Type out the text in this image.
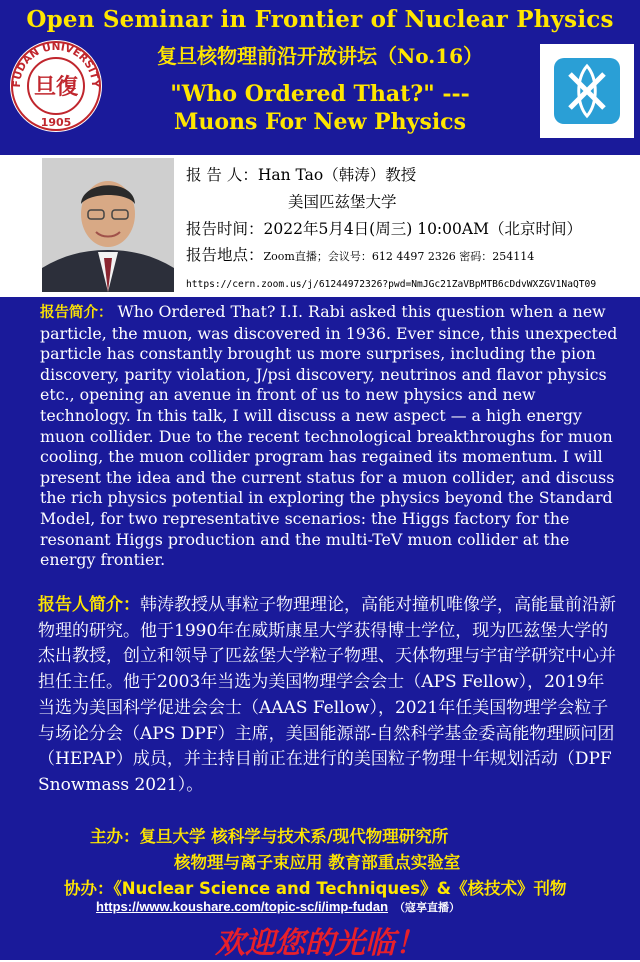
FUDAN UNIVERSITY
1905
旦復
Open Seminar in Frontier of Nuclear Physics
复旦核物理前沿开放讲坛（No.16）
"Who Ordered That?" ---
Muons For New Physics
报 告 人：Han Tao（韩涛）教授
美国匹兹堡大学
报告时间：2022年5月4日(周三) 10:00AM（北京时间）
报告地点：Zoom直播；会议号：612 4497 2326 密码：254114
https://cern.zoom.us/j/61244972326?pwd=NmJGc21ZaVBpMTB6cDdvWXZGV1NaQT09
报告简介： Who Ordered That? I.I. Rabi asked this question when a new particle, the muon, was discovered in 1936. Ever since, this unexpected particle has constantly brought us more surprises, including the pion discovery, parity violation, J/psi discovery, neutrinos and flavor physics etc., opening an avenue in front of us to new physics and new technology. In this talk, I will discuss a new aspect — a high energy muon collider. Due to the recent technological breakthroughs for muon cooling, the muon collider program has regained its momentum. I will present the idea and the current status for a muon collider, and discuss the rich physics potential in exploring the physics beyond the Standard Model, for two representative scenarios: the Higgs factory for the resonant Higgs production and the multi-TeV muon collider at the energy frontier.
报告人简介：韩涛教授从事粒子物理理论，高能对撞机唯像学，高能量前沿新物理的研究。他于1990年在威斯康星大学获得博士学位，现为匹兹堡大学的杰出教授，创立和领导了匹兹堡大学粒子物理、天体物理与宇宙学研究中心并担任主任。他于2003年当选为美国物理学会会士（APS Fellow），2019年当选为美国科学促进会会士（AAAS Fellow），2021年任美国物理学会粒子与场论分会（APS DPF）主席，美国能源部-自然科学基金委高能物理顾问团（HEPAP）成员，并主持目前正在进行的美国粒子物理十年规划活动（DPF Snowmass 2021）。
主办：复旦大学 核科学与技术系/现代物理研究所
核物理与离子束应用 教育部重点实验室
协办：《Nuclear Science and Techniques》&《核技术》刊物
https://www.koushare.com/topic-sc/i/imp-fudan （寇享直播）
欢迎您的光临！
